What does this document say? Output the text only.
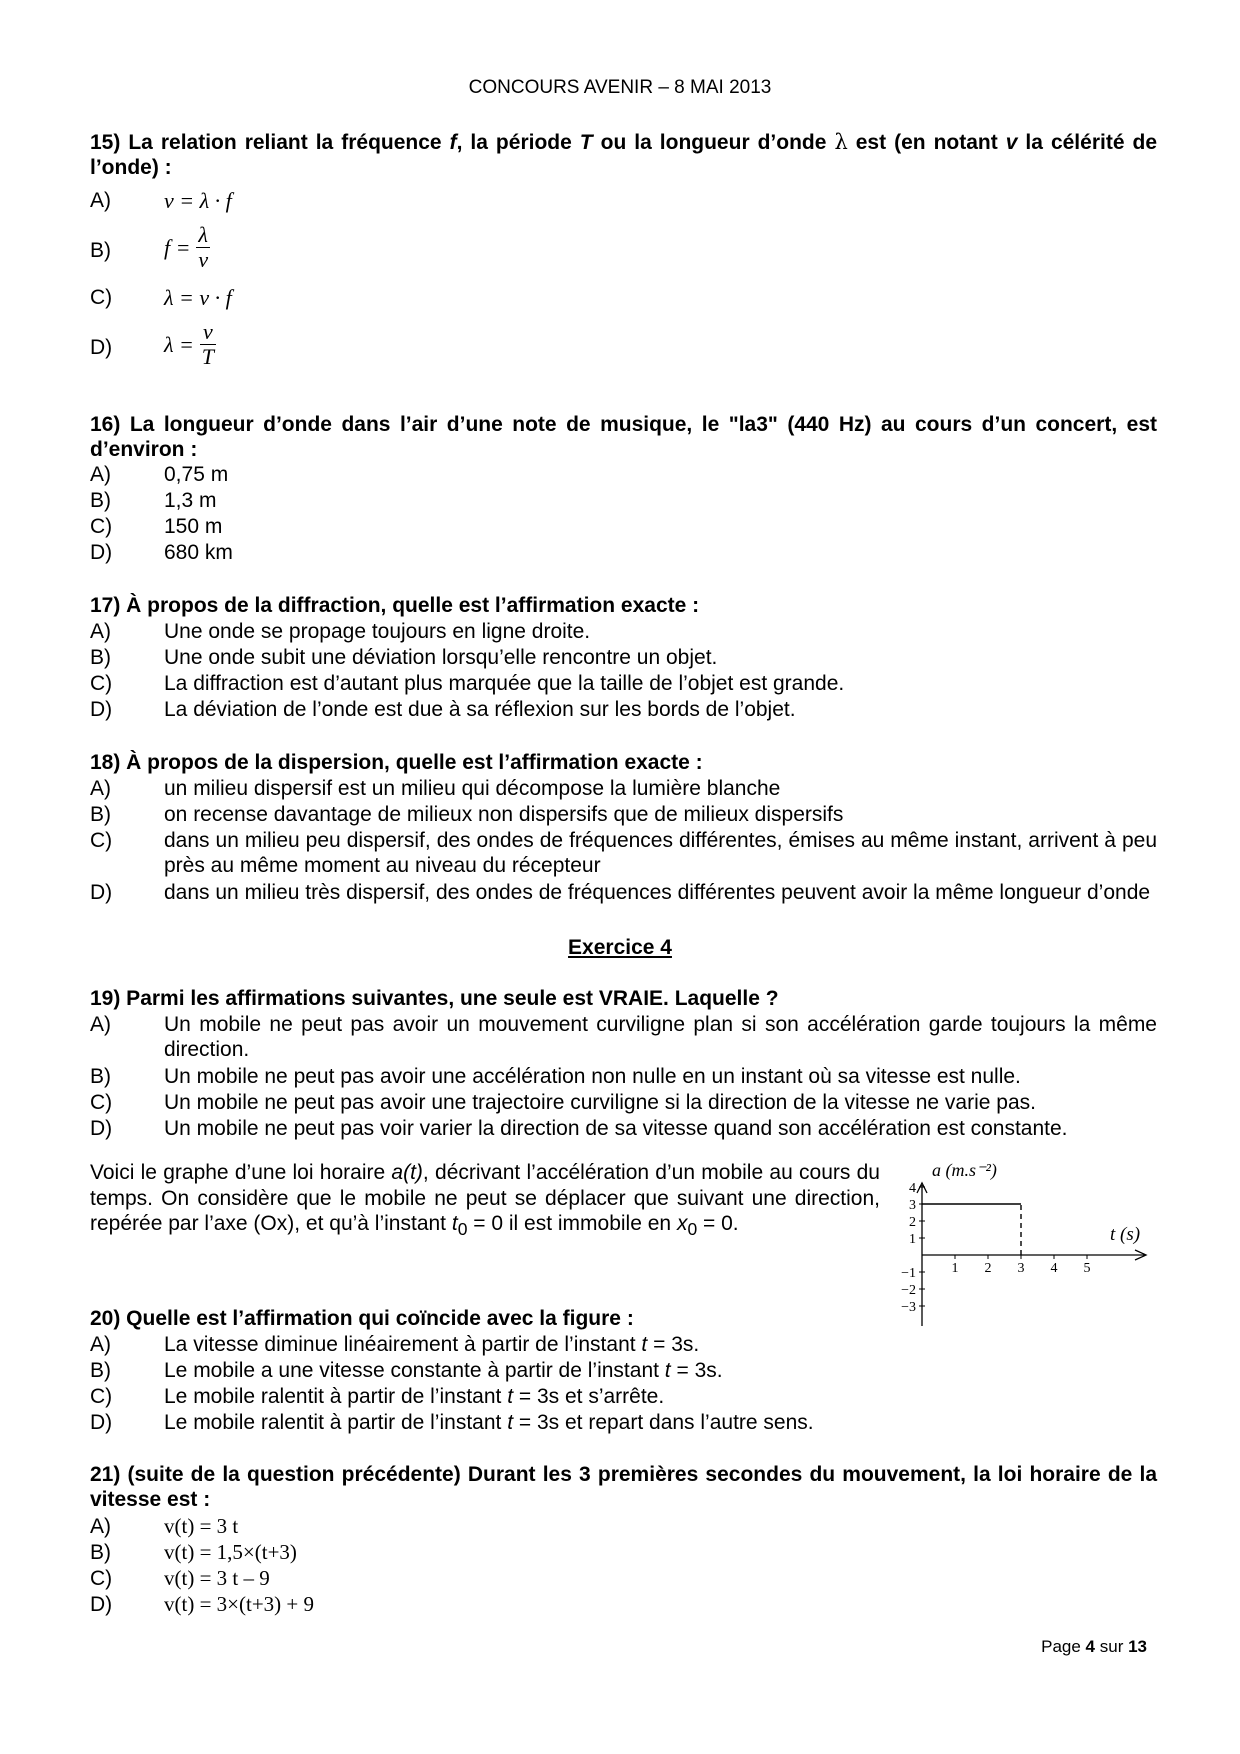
CONCOURS AVENIR – 8 MAI 2013
15) La relation reliant la fréquence f, la période T ou la longueur d’onde λ est (en notant v la célérité de l’onde) :
A) v = λ · f
B) $f = \frac{\lambda}{v}$
C) λ = v · f
D) $\lambda = \frac{v}{T}$
16) La longueur d’onde dans l’air d’une note de musique, le "la3" (440 Hz) au cours d’un concert, est d’environ :
A)	0,75 m
B)	1,3 m
C) 150 m
D) 680 km
17) À propos de la diffraction, quelle est l’affirmation exacte :
A)	Une onde se propage toujours en ligne droite.
B)	Une onde subit une déviation lorsqu’elle rencontre un objet.
C) La diffraction est d’autant plus marquée que la taille de l’objet est grande.
D) La déviation de l’onde est due à sa réflexion sur les bords de l’objet.
18) À propos de la dispersion, quelle est l’affirmation exacte :
A)	un milieu dispersif est un milieu qui décompose la lumière blanche
B)	on recense davantage de milieux non dispersifs que de milieux dispersifs
C) dans un milieu peu dispersif, des ondes de fréquences différentes, émises au même instant, arrivent à peu près au même moment au niveau du récepteur
D) dans un milieu très dispersif, des ondes de fréquences différentes peuvent avoir la même longueur d’onde
Exercice 4
19) Parmi les affirmations suivantes, une seule est VRAIE. Laquelle ?
A)	Un mobile ne peut pas avoir un mouvement curviligne plan si son accélération garde toujours la même direction.
B)	Un mobile ne peut pas avoir une accélération non nulle en un instant où sa vitesse est nulle.
C) Un mobile ne peut pas avoir une trajectoire curviligne si la direction de la vitesse ne varie pas.
D) Un mobile ne peut pas voir varier la direction de sa vitesse quand son accélération est constante.
Voici le graphe d’une loi horaire a(t), décrivant l’accélération d’un mobile au cours du temps. On considère que le mobile ne peut se déplacer que suivant une direction, repérée par l’axe (Ox), et qu’à l’instant $t_0 = 0$ il est immobile en $x_0 = 0$.
1 2 3 4 5
4
3
2
1
−1
−2
−3
a (m.s⁻²)
t (s)
20) Quelle est l’affirmation qui coïncide avec la figure :
A)	La vitesse diminue linéairement à partir de l’instant t = 3s.
B)	Le mobile a une vitesse constante à partir de l’instant t = 3s.
C) Le mobile ralentit à partir de l’instant t = 3s et s’arrête.
D) Le mobile ralentit à partir de l’instant t = 3s et repart dans l’autre sens.
21) (suite de la question précédente) Durant les 3 premières secondes du mouvement, la loi horaire de la vitesse est :
A)	v(t) = 3 t
B)	v(t) = 1,5×(t+3)
C) v(t) = 3 t – 9
D) v(t) = 3×(t+3) + 9
Page 4 sur 13
